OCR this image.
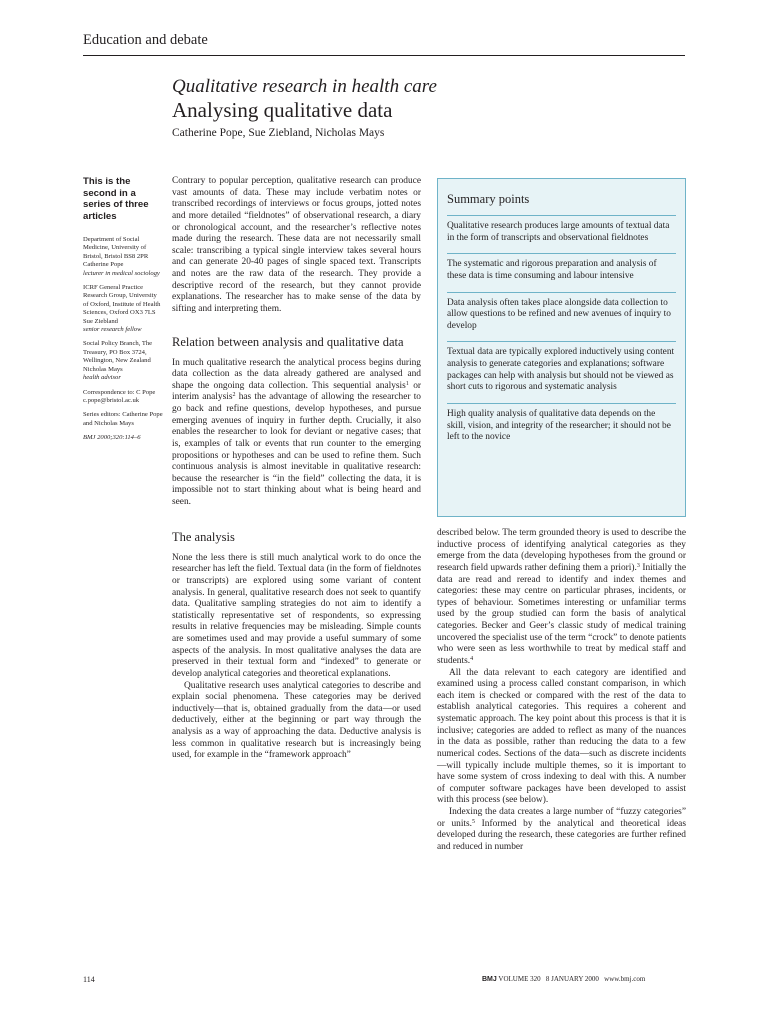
Education and debate
Qualitative research in health care
Analysing qualitative data
Catherine Pope, Sue Ziebland, Nicholas Mays
This is the second in a series of three articles
Department of Social Medicine, University of Bristol, Bristol BS8 2PR
Catherine Pope
lecturer in medical sociology
ICRF General Practice Research Group, University of Oxford, Institute of Health Sciences, Oxford OX3 7LS
Sue Ziebland
senior research fellow
Social Policy Branch, The Treasury, PO Box 3724, Wellington, New Zealand
Nicholas Mays
health advisor
Correspondence to: C Pope c.pope@bristol.ac.uk
Series editors: Catherine Pope and Nicholas Mays
BMJ 2000;320:114–6

Contrary to popular perception, qualitative research can produce vast amounts of data. These may include verbatim notes or transcribed recordings of interviews or focus groups, jotted notes and more detailed “fieldnotes” of observational research, a diary or chronological account, and the researcher’s reflective notes made during the research. These data are not necessarily small scale: transcribing a typical single interview takes several hours and can generate 20-40 pages of single spaced text. Transcripts and notes are the raw data of the research. They provide a descriptive record of the research, but they cannot provide explanations. The researcher has to make sense of the data by sifting and interpreting them.

Relation between analysis and qualitative data

In much qualitative research the analytical process begins during data collection as the data already gathered are analysed and shape the ongoing data collection. This sequential analysis$^1$ or interim analysis$^2$ has the advantage of allowing the researcher to go back and refine questions, develop hypotheses, and pursue emerging avenues of inquiry in further depth. Crucially, it also enables the researcher to look for deviant or negative cases; that is, examples of talk or events that run counter to the emerging propositions or hypotheses and can be used to refine them. Such continuous analysis is almost inevitable in qualitative research: because the researcher is “in the field” collecting the data, it is impossible not to start thinking about what is being heard and seen.

The analysis

None the less there is still much analytical work to do once the researcher has left the field. Textual data (in the form of fieldnotes or transcripts) are explored using some variant of content analysis. In general, qualitative research does not seek to quantify data. Qualitative sampling strategies do not aim to identify a statistically representative set of respondents, so expressing results in relative frequencies may be misleading. Simple counts are sometimes used and may provide a useful summary of some aspects of the analysis. In most qualitative analyses the data are preserved in their textual form and “indexed” to generate or develop analytical categories and theoretical explanations.

Qualitative research uses analytical categories to describe and explain social phenomena. These categories may be derived inductively—that is, obtained gradually from the data—or used deductively, either at the beginning or part way through the analysis as a way of approaching the data. Deductive analysis is less common in qualitative research but is increasingly being used, for example in the “framework approach”

Summary points
Qualitative research produces large amounts of textual data in the form of transcripts and observational fieldnotes
The systematic and rigorous preparation and analysis of these data is time consuming and labour intensive
Data analysis often takes place alongside data collection to allow questions to be refined and new avenues of inquiry to develop
Textual data are typically explored inductively using content analysis to generate categories and explanations; software packages can help with analysis but should not be viewed as short cuts to rigorous and systematic analysis
High quality analysis of qualitative data depends on the skill, vision, and integrity of the researcher; it should not be left to the novice

described below. The term grounded theory is used to describe the inductive process of identifying analytical categories as they emerge from the data (developing hypotheses from the ground or research field upwards rather defining them a priori).$^3$ Initially the data are read and reread to identify and index themes and categories: these may centre on particular phrases, incidents, or types of behaviour. Sometimes interesting or unfamiliar terms used by the group studied can form the basis of analytical categories. Becker and Geer’s classic study of medical training uncovered the specialist use of the term “crock” to denote patients who were seen as less worthwhile to treat by medical staff and students.$^4$

All the data relevant to each category are identified and examined using a process called constant comparison, in which each item is checked or compared with the rest of the data to establish analytical categories. This requires a coherent and systematic approach. The key point about this process is that it is inclusive; categories are added to reflect as many of the nuances in the data as possible, rather than reducing the data to a few numerical codes. Sections of the data—such as discrete incidents—will typically include multiple themes, so it is important to have some system of cross indexing to deal with this. A number of computer software packages have been developed to assist with this process (see below).

Indexing the data creates a large number of “fuzzy categories” or units.$^5$ Informed by the analytical and theoretical ideas developed during the research, these categories are further refined and reduced in number

114	BMJ VOLUME 320 8 JANUARY 2000 www.bmj.com
